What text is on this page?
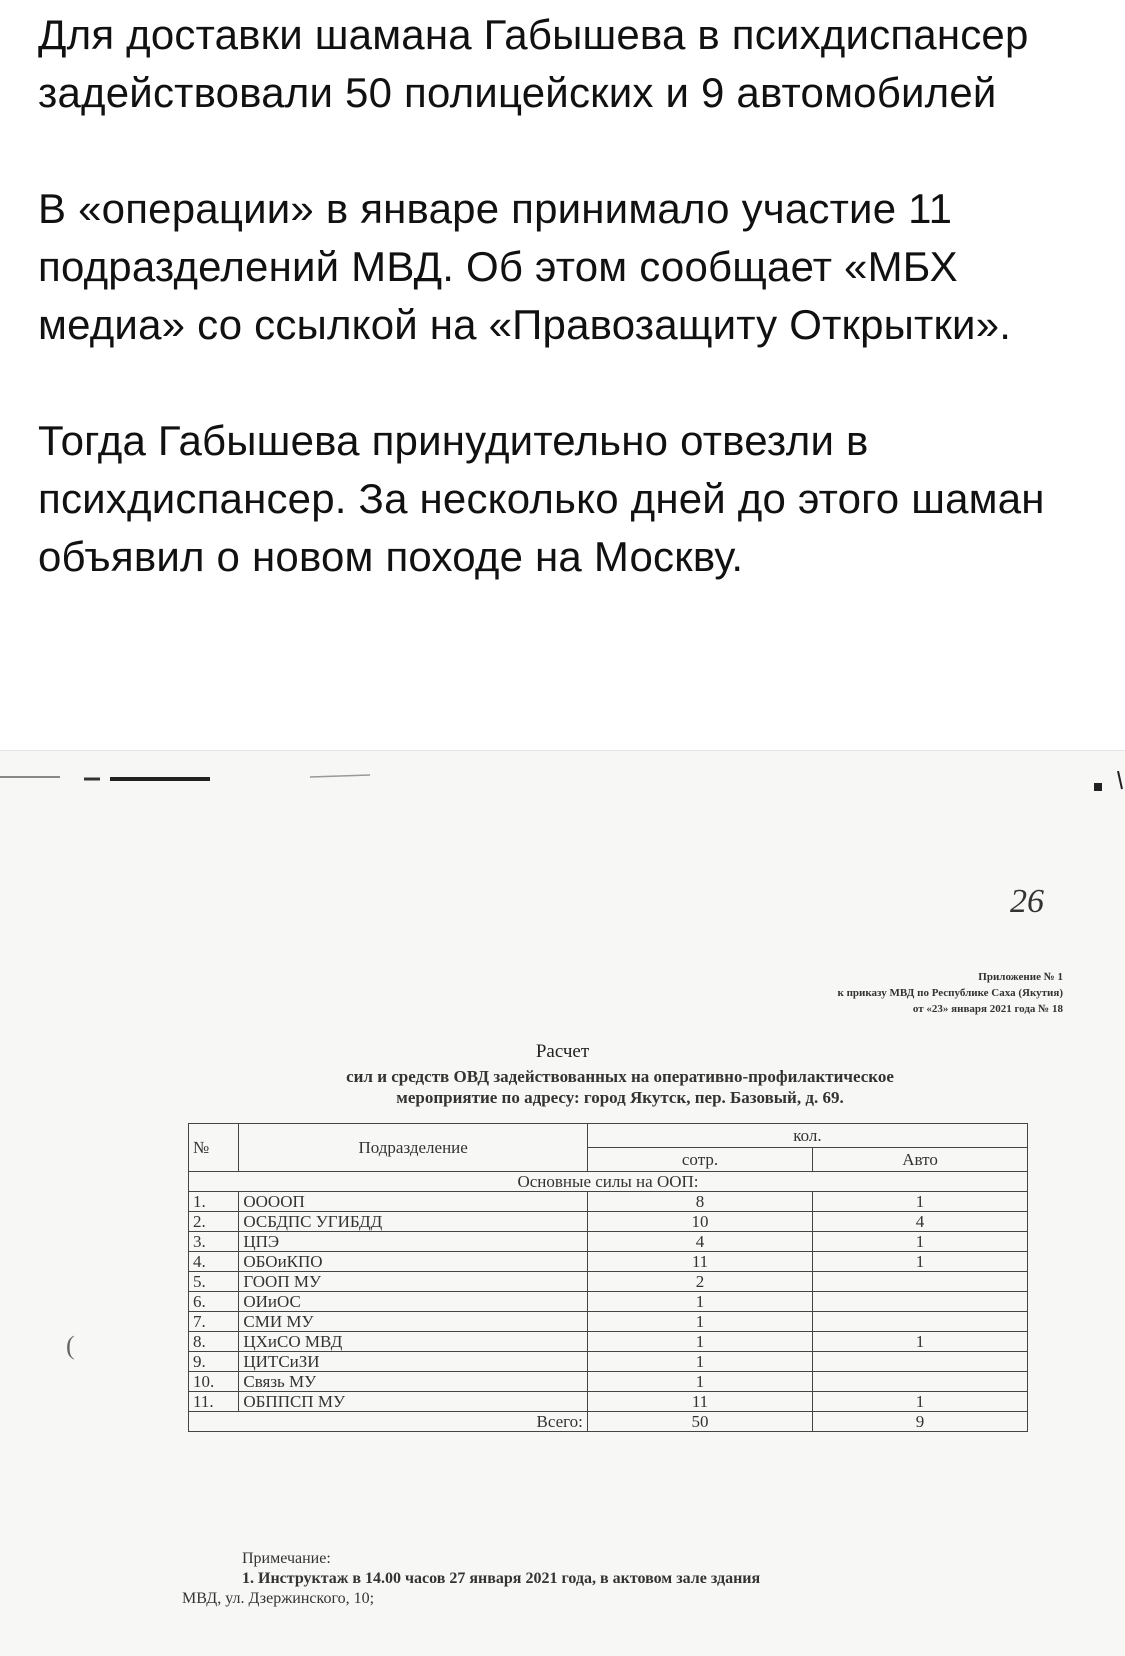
Для доставки шамана Габышева в психдиспансер задействовали 50 полицейских и 9 автомобилей

В «операции» в январе принимало участие 11 подразделений МВД. Об этом сообщает «МБХ медиа» со ссылкой на «Правозащиту Открытки».

Тогда Габышева принудительно отвезли в психдиспансер. За несколько дней до этого шаман объявил о новом походе на Москву.

26
Приложение № 1
к приказу МВД по Республике Саха (Якутия)
от «23» января 2021 года № 18
Расчет
сил и средств ОВД задействованных на оперативно-профилактическое
мероприятие по адресу: город Якутск, пер. Базовый, д. 69.
№	Подразделение	кол.	
		сотр.	Авто
Основные силы на ООП:			
1.	ООООП	8	1
2.	ОСБДПС УГИБДД	10	4
3.	ЦПЭ	4	1
4.	ОБОиКПО	11	1
5.	ГООП МУ	2	
6.	ОИиОС	1	
7.	СМИ МУ	1	
8.	ЦХиСО МВД	1	1
9.	ЦИТСиЗИ	1	
10.	Связь МУ	1	
11.	ОБППСП МУ	11	1
Всего:		50	9
(
Примечание:
1. Инструктаж в 14.00 часов 27 января 2021 года, в актовом зале здания
МВД, ул. Дзержинского, 10;
